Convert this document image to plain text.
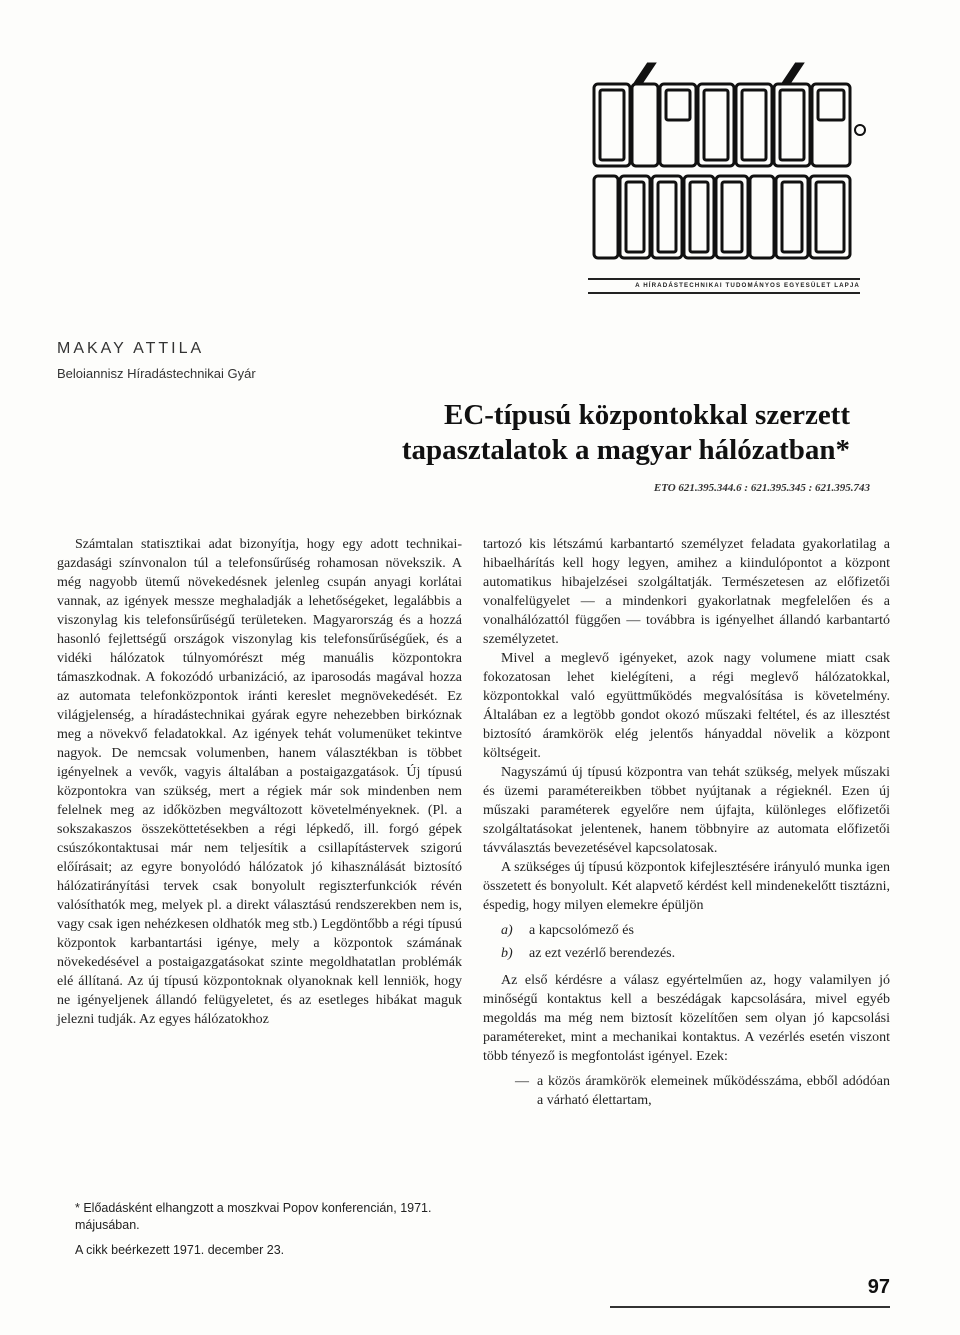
A HÍRADÁSTECHNIKAI TUDOMÁNYOS EGYESÜLET LAPJA
MAKAY ATTILA
Beloiannisz Híradástechnikai Gyár
EC-típusú központokkal szerzett
tapasztalatok a magyar hálózatban*
ETO 621.395.344.6 : 621.395.345 : 621.395.743

Számtalan statisztikai adat bizonyítja, hogy egy adott technikai-gazdasági színvonalon túl a telefonsűrűség rohamosan növekszik. A még nagyobb ütemű növekedésnek jelenleg csupán anyagi korlátai vannak, az igények messze meghaladják a lehetőségeket, legalábbis a viszonylag kis telefonsűrűségű területeken. Magyarország és a hozzá hasonló fejlettségű országok viszonylag kis telefonsűrűségűek, és a vidéki hálózatok túlnyomórészt még manuális központokra támaszkodnak. A fokozódó urbanizáció, az iparosodás magával hozza az automata telefonközpontok iránti kereslet megnövekedését. Ez világjelenség, a híradástechnikai gyárak egyre nehezebben birkóznak meg a növekvő feladatokkal. Az igények tehát volumenüket tekintve nagyok. De nemcsak volumenben, hanem választékban is többet igényelnek a vevők, vagyis általában a postaigazgatások. Új típusú központokra van szükség, mert a régiek már sok mindenben nem felelnek meg az időközben megváltozott követelményeknek. (Pl. a sokszakaszos összeköttetésekben a régi lépkedő, ill. forgó gépek csúszókontaktusai már nem teljesítik a csillapítástervek szigorú előírásait; az egyre bonyolódó hálózatok jó kihasználását biztosító hálózatirányítási tervek csak bonyolult regiszterfunkciók révén valósíthatók meg, melyek pl. a direkt választású rendszerekben nem is, vagy csak igen nehézkesen oldhatók meg stb.) Legdöntőbb a régi típusú központok karbantartási igénye, mely a központok számának növekedésével a postaigazgatásokat szinte megoldhatatlan problémák elé állítaná. Az új típusú központoknak olyanoknak kell lenniök, hogy ne igényeljenek állandó felügyeletet, és az esetleges hibákat maguk jelezni tudják. Az egyes hálózatokhoz

tartozó kis létszámú karbantartó személyzet feladata gyakorlatilag a hibaelhárítás kell hogy legyen, amihez a kiindulópontot a központ automatikus hibajelzései szolgáltatják. Természetesen az előfizetői vonalfelügyelet — a mindenkori gyakorlatnak megfelelően és a vonalhálózattól függően — továbbra is igényelhet állandó karbantartó személyzetet.

Mivel a meglevő igényeket, azok nagy volumene miatt csak fokozatosan lehet kielégíteni, a régi meglevő hálózatokkal, központokkal való együttműködés megvalósítása is követelmény. Általában ez a legtöbb gondot okozó műszaki feltétel, és az illesztést biztosító áramkörök elég jelentős hányaddal növelik a központ költségeit.

Nagyszámú új típusú központra van tehát szükség, melyek műszaki és üzemi paramétereikben többet nyújtanak a régieknél. Ezen új műszaki paraméterek egyelőre nem újfajta, különleges előfizetői szolgáltatásokat jelentenek, hanem többnyire az automata előfizetői távválasztás bevezetésével kapcsolatosak.

A szükséges új típusú központok kifejlesztésére irányuló munka igen összetett és bonyolult. Két alapvető kérdést kell mindenekelőtt tisztázni, éspedig, hogy milyen elemekre épüljön

a)	a kapcsolómező és
b)	az ezt vezérlő berendezés.

Az első kérdésre a válasz egyértelműen az, hogy valamilyen jó minőségű kontaktus kell a beszédágak kapcsolására, mivel egyéb megoldás ma még nem biztosít közelítően sem olyan jó kapcsolási paramétereket, mint a mechanikai kontaktus. A vezérlés esetén viszont több tényező is megfontolást igényel. Ezek:

— a közös áramkörök elemeinek működésszáma, ebből adódóan a várható élettartam,
* Előadásként elhangzott a moszkvai Popov konferencián, 1971. májusában.
A cikk beérkezett 1971. december 23.
97
